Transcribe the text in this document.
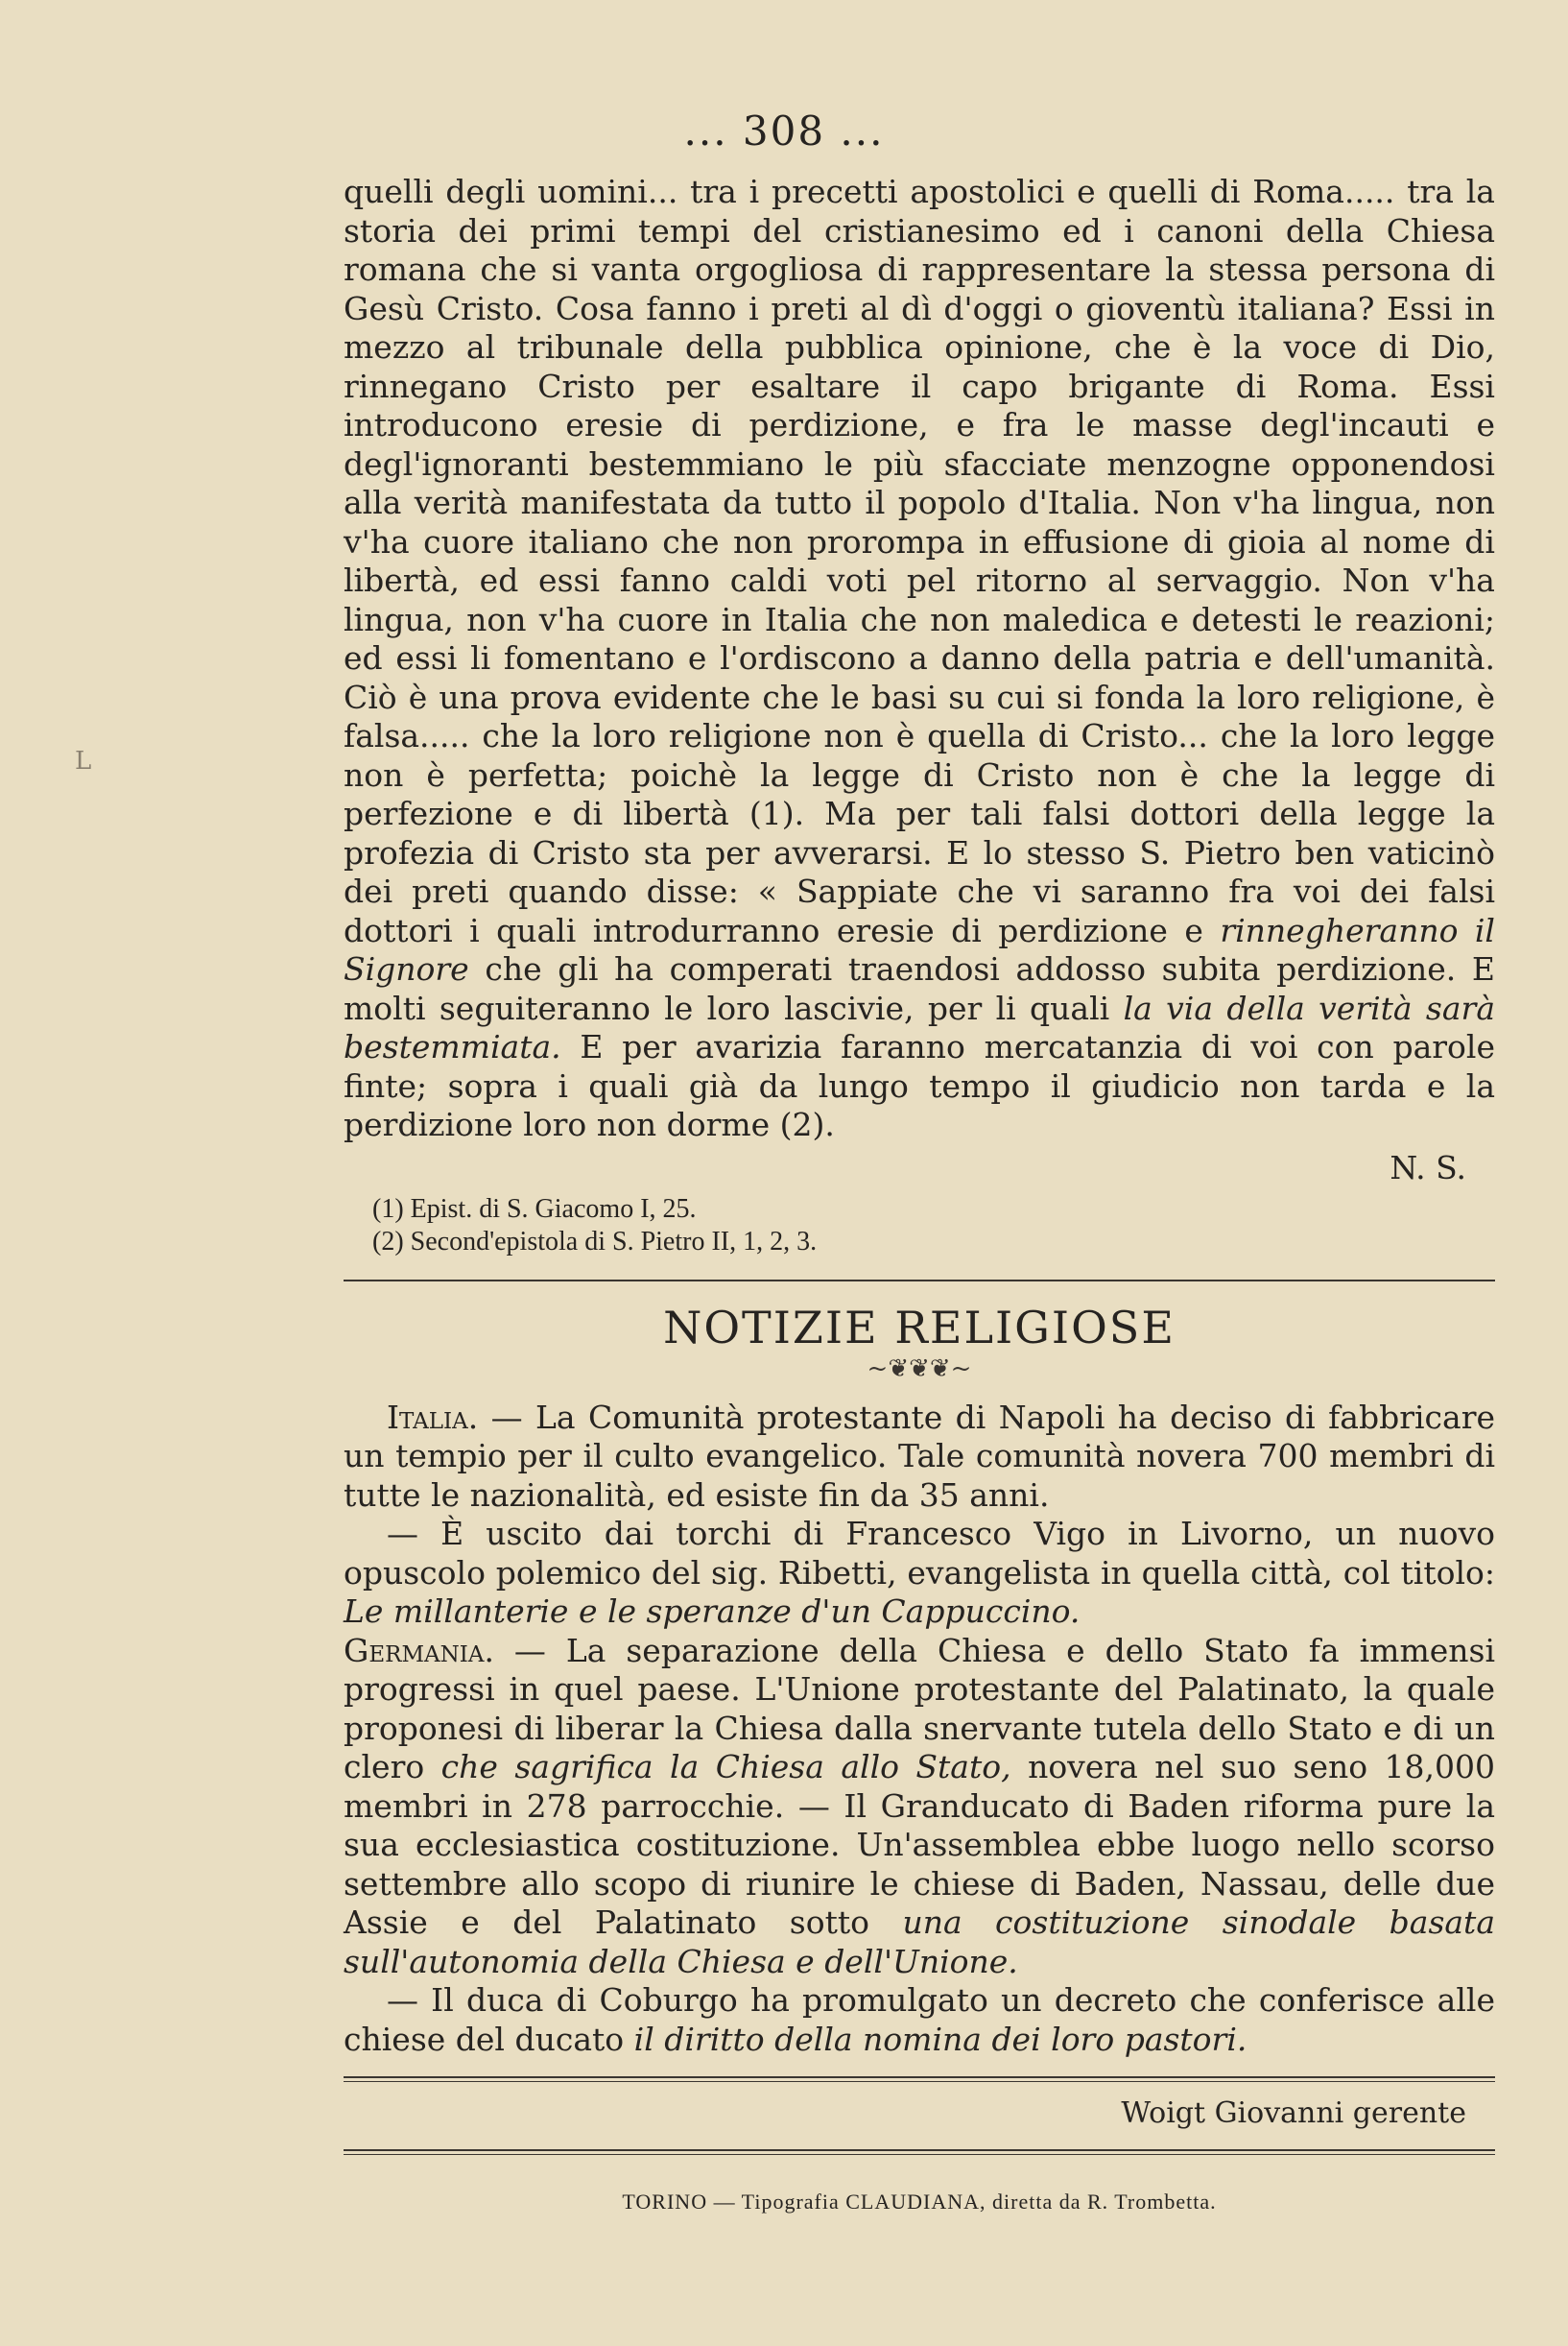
... 308 ...
L

quelli degli uomini... tra i precetti apostolici e quelli di Roma..... tra la storia dei primi tempi del cristianesimo ed i canoni della Chiesa romana che si vanta orgogliosa di rappresentare la stessa persona di Gesù Cristo. Cosa fanno i preti al dì d'oggi o gioventù italiana? Essi in mezzo al tribunale della pubblica opinione, che è la voce di Dio, rinnegano Cristo per esaltare il capo brigante di Roma. Essi introducono eresie di perdizione, e fra le masse degl'incauti e degl'ignoranti bestemmiano le più sfacciate menzogne opponendosi alla verità manifestata da tutto il popolo d'Italia. Non v'ha lingua, non v'ha cuore italiano che non prorompa in effusione di gioia al nome di libertà, ed essi fanno caldi voti pel ritorno al servaggio. Non v'ha lingua, non v'ha cuore in Italia che non maledica e detesti le reazioni; ed essi li fomentano e l'ordiscono a danno della patria e dell'umanità. Ciò è una prova evidente che le basi su cui si fonda la loro religione, è falsa..... che la loro religione non è quella di Cristo... che la loro legge non è perfetta; poichè la legge di Cristo non è che la legge di perfezione e di libertà (1). Ma per tali falsi dottori della legge la profezia di Cristo sta per avverarsi. E lo stesso S. Pietro ben vaticinò dei preti quando disse: « Sappiate che vi saranno fra voi dei falsi dottori i quali introdurranno eresie di perdizione e rinnegheranno il Signore che gli ha comperati traendosi addosso subita perdizione. E molti seguiteranno le loro lascivie, per li quali la via della verità sarà bestemmiata. E per avarizia faranno mercatanzia di voi con parole finte; sopra i quali già da lungo tempo il giudicio non tarda e la perdizione loro non dorme (2).

N. S.
(1) Epist. di S. Giacomo I, 25.
(2) Second'epistola di S. Pietro II, 1, 2, 3.
NOTIZIE RELIGIOSE
~❦❦❦~

Italia. — La Comunità protestante di Napoli ha deciso di fabbricare un tempio per il culto evangelico. Tale comunità novera 700 membri di tutte le nazionalità, ed esiste fin da 35 anni.

— È uscito dai torchi di Francesco Vigo in Livorno, un nuovo opuscolo polemico del sig. Ribetti, evangelista in quella città, col titolo: Le millanterie e le speranze d'un Cappuccino.

Germania. — La separazione della Chiesa e dello Stato fa immensi progressi in quel paese. L'Unione protestante del Palatinato, la quale proponesi di liberar la Chiesa dalla snervante tutela dello Stato e di un clero che sagrifica la Chiesa allo Stato, novera nel suo seno 18,000 membri in 278 parrocchie. — Il Granducato di Baden riforma pure la sua ecclesiastica costituzione. Un'assemblea ebbe luogo nello scorso settembre allo scopo di riunire le chiese di Baden, Nassau, delle due Assie e del Palatinato sotto una costituzione sinodale basata sull'autonomia della Chiesa e dell'Unione.

— Il duca di Coburgo ha promulgato un decreto che conferisce alle chiese del ducato il diritto della nomina dei loro pastori.

Woigt Giovanni gerente
TORINO — Tipografia CLAUDIANA, diretta da R. Trombetta.
